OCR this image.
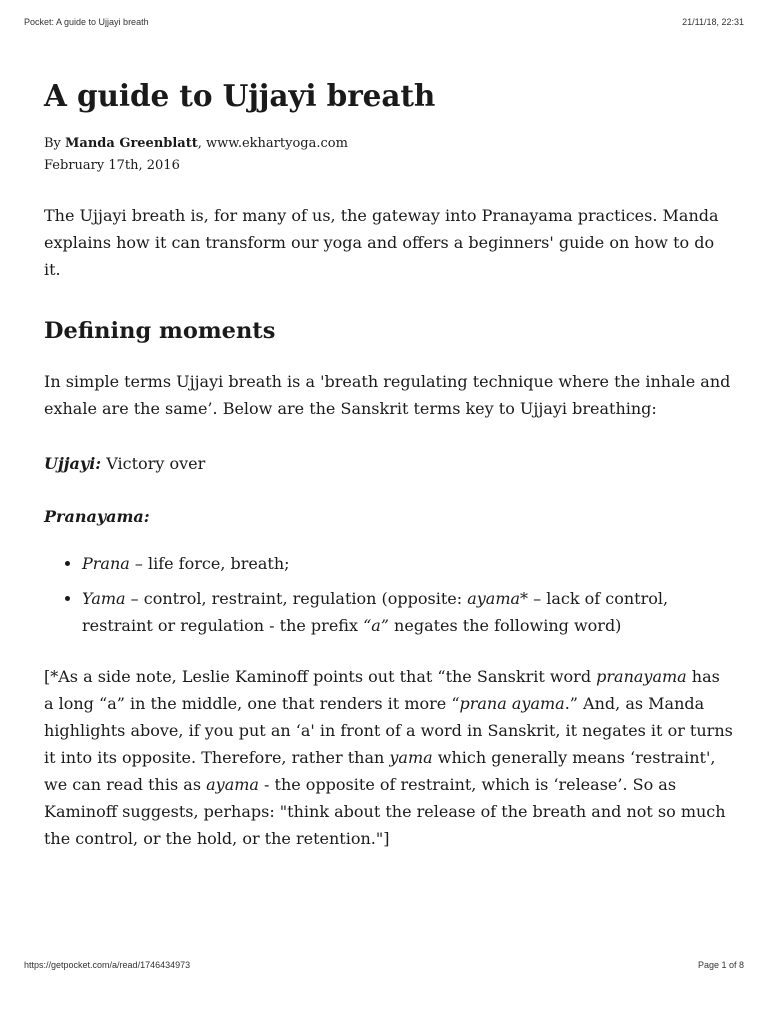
Pocket: A guide to Ujjayi breath	21/11/18, 22:31
A guide to Ujjayi breath
By Manda Greenblatt, www.ekhartyoga.com
February 17th, 2016

The Ujjayi breath is, for many of us, the gateway into Pranayama practices. Manda explains how it can transform our yoga and offers a beginners' guide on how to do it.

Defining moments

In simple terms Ujjayi breath is a 'breath regulating technique where the inhale and exhale are the same’. Below are the Sanskrit terms key to Ujjayi breathing:

Ujjayi: Victory over

Pranayama:

• Prana – life force, breath;
• Yama – control, restraint, regulation (opposite: ayama* – lack of control, restraint or regulation - the prefix “a” negates the following word)

[*As a side note, Leslie Kaminoff points out that “the Sanskrit word pranayama has a long “a” in the middle, one that renders it more “prana ayama.” And, as Manda highlights above, if you put an ‘a' in front of a word in Sanskrit, it negates it or turns it into its opposite. Therefore, rather than yama which generally means ‘restraint', we can read this as ayama - the opposite of restraint, which is ‘release’. So as Kaminoff suggests, perhaps: "think about the release of the breath and not so much the control, or the hold, or the retention."]

https://getpocket.com/a/read/1746434973	Page 1 of 8
